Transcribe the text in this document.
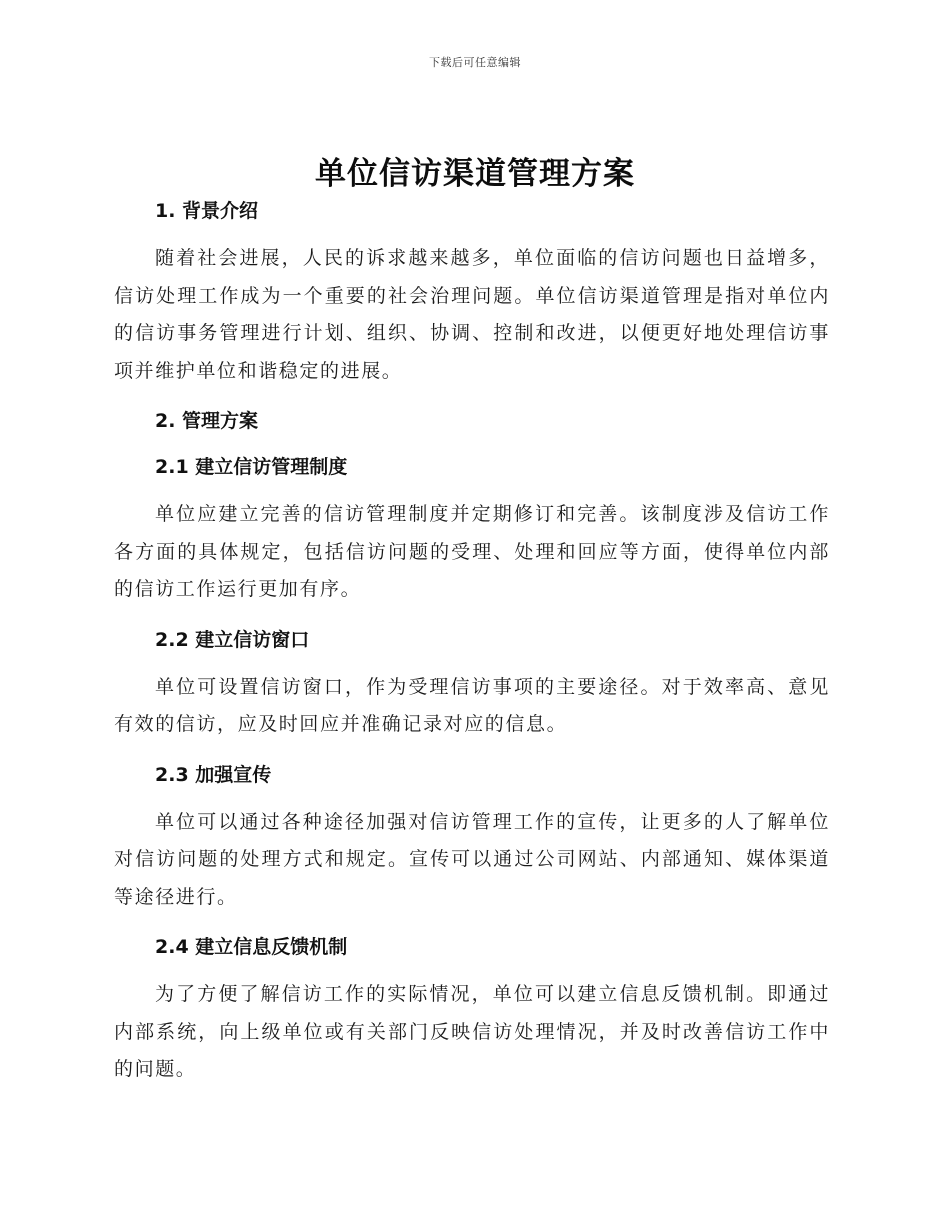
下载后可任意编辑
单位信访渠道管理方案
1. 背景介绍

随着社会进展，人民的诉求越来越多，单位面临的信访问题也日益增多，信访处理工作成为一个重要的社会治理问题。单位信访渠道管理是指对单位内的信访事务管理进行计划、组织、协调、控制和改进，以便更好地处理信访事项并维护单位和谐稳定的进展。

2. 管理方案
2.1 建立信访管理制度

单位应建立完善的信访管理制度并定期修订和完善。该制度涉及信访工作各方面的具体规定，包括信访问题的受理、处理和回应等方面，使得单位内部的信访工作运行更加有序。

2.2 建立信访窗口

单位可设置信访窗口，作为受理信访事项的主要途径。对于效率高、意见有效的信访，应及时回应并准确记录对应的信息。

2.3 加强宣传

单位可以通过各种途径加强对信访管理工作的宣传，让更多的人了解单位对信访问题的处理方式和规定。宣传可以通过公司网站、内部通知、媒体渠道等途径进行。

2.4 建立信息反馈机制

为了方便了解信访工作的实际情况，单位可以建立信息反馈机制。即通过内部系统，向上级单位或有关部门反映信访处理情况，并及时改善信访工作中的问题。
